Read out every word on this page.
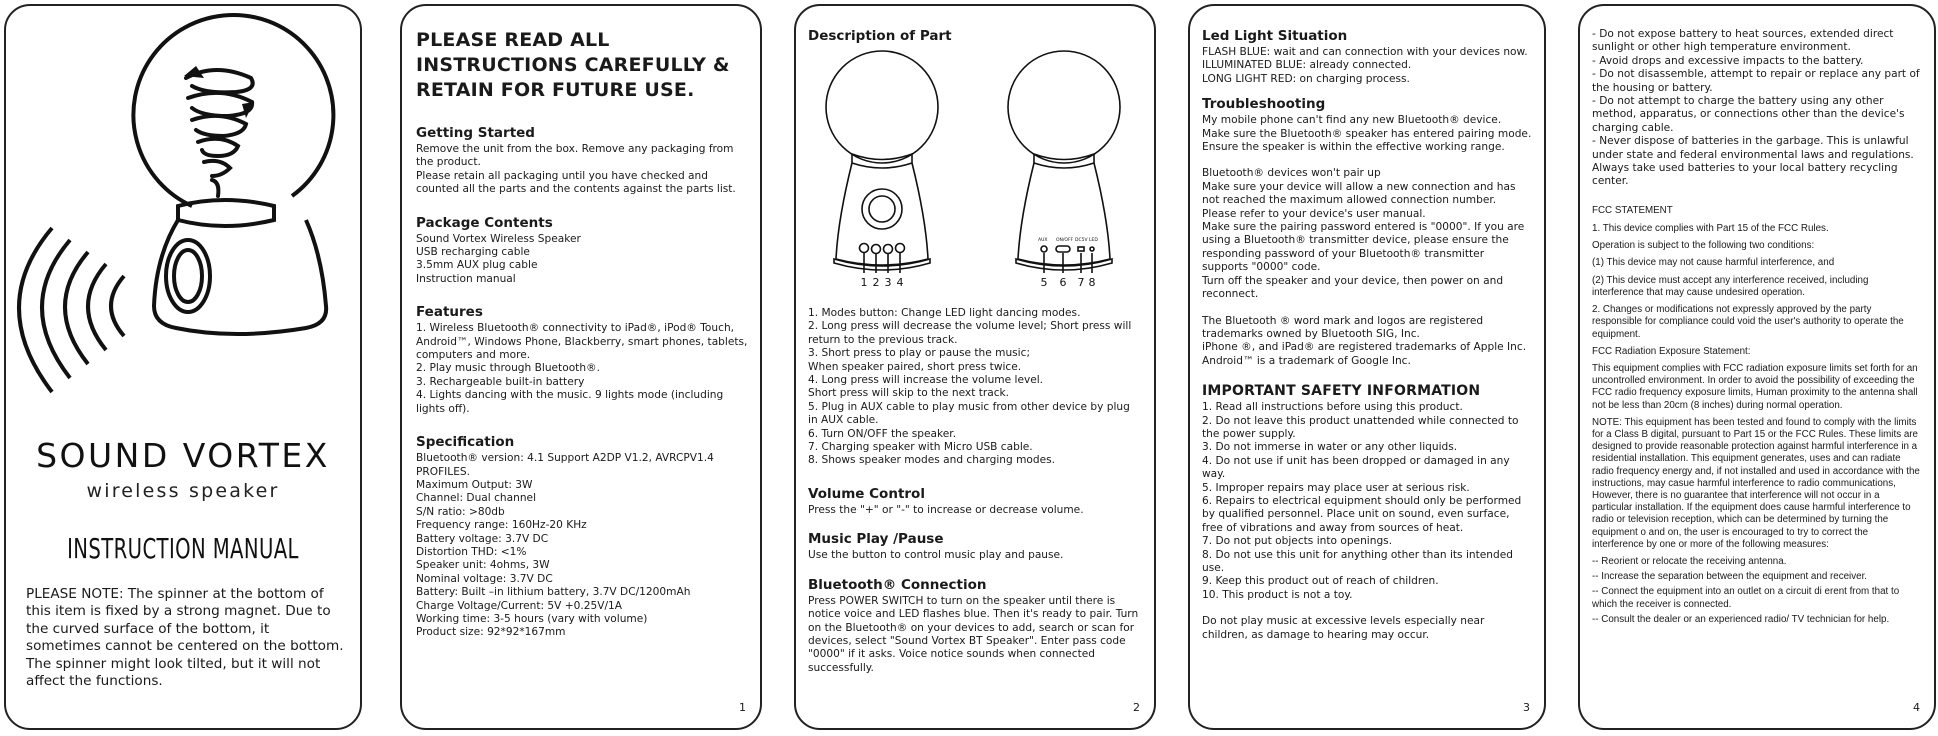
SOUND VORTEX
wireless speaker
INSTRUCTION MANUAL
PLEASE NOTE: The spinner at the bottom of this item is fixed by a strong magnet. Due to the curved surface of the bottom, it sometimes cannot be centered on the bottom. The spinner might look tilted, but it will not affect the functions.
PLEASE READ ALL INSTRUCTIONS CAREFULLY & RETAIN FOR FUTURE USE.
Getting Started
Remove the unit from the box. Remove any packaging from the product.
Please retain all packaging until you have checked and counted all the parts and the contents against the parts list.
Package Contents
Sound Vortex Wireless Speaker
USB recharging cable
3.5mm AUX plug cable
Instruction manual
Features
1. Wireless Bluetooth® connectivity to iPad®, iPod® Touch, Android™, Windows Phone, Blackberry, smart phones, tablets, computers and more.
2. Play music through Bluetooth®.
3. Rechargeable built-in battery
4. Lights dancing with the music. 9 lights mode (including lights off).
Specification
Bluetooth® version: 4.1 Support A2DP V1.2, AVRCPV1.4 PROFILES.
Maximum Output: 3W
Channel: Dual channel
S/N ratio: >80db
Frequency range: 160Hz-20 KHz
Battery voltage: 3.7V DC
Distortion THD: <1%
Speaker unit: 4ohms, 3W
Nominal voltage: 3.7V DC
Battery: Built –in lithium battery, 3.7V DC/1200mAh
Charge Voltage/Current: 5V +0.25V/1A
Working time: 3-5 hours (vary with volume)
Product size: 92*92*167mm
1
Description of Part
AUX ON/OFF DC5V LED
1 2 3 4	5 6 7 8
1. Modes button: Change LED light dancing modes.
2. Long press will decrease the volume level; Short press will return to the previous track.
3. Short press to play or pause the music;
When speaker paired, short press twice.
4. Long press will increase the volume level.
Short press will skip to the next track.
5. Plug in AUX cable to play music from other device by plug in AUX cable.
6. Turn ON/OFF the speaker.
7. Charging speaker with Micro USB cable.
8. Shows speaker modes and charging modes.
Volume Control
Press the "+" or "-" to increase or decrease volume.
Music Play /Pause
Use the button to control music play and pause.
Bluetooth® Connection
Press POWER SWITCH to turn on the speaker until there is notice voice and LED flashes blue. Then it's ready to pair. Turn on the Bluetooth® on your devices to add, search or scan for devices, select "Sound Vortex BT Speaker". Enter pass code "0000" if it asks. Voice notice sounds when connected successfully.
2
Led Light Situation
FLASH BLUE: wait and can connection with your devices now.
ILLUMINATED BLUE: already connected.
LONG LIGHT RED: on charging process.
Troubleshooting
My mobile phone can't find any new Bluetooth® device.
Make sure the Bluetooth® speaker has entered pairing mode.
Ensure the speaker is within the effective working range.
Bluetooth® devices won't pair up
Make sure your device will allow a new connection and has not reached the maximum allowed connection number. Please refer to your device's user manual.
Make sure the pairing password entered is "0000". If you are using a Bluetooth® transmitter device, please ensure the responding password of your Bluetooth® transmitter supports "0000" code.
Turn off the speaker and your device, then power on and reconnect.
The Bluetooth ® word mark and logos are registered trademarks owned by Bluetooth SIG, Inc.
iPhone ®, and iPad® are registered trademarks of Apple Inc.
Android™ is a trademark of Google Inc.
IMPORTANT SAFETY INFORMATION
1. Read all instructions before using this product.
2. Do not leave this product unattended while connected to the power supply.
3. Do not immerse in water or any other liquids.
4. Do not use if unit has been dropped or damaged in any way.
5. Improper repairs may place user at serious risk.
6. Repairs to electrical equipment should only be performed by qualified personnel. Place unit on sound, even surface, free of vibrations and away from sources of heat.
7. Do not put objects into openings.
8. Do not use this unit for anything other than its intended use.
9. Keep this product out of reach of children.
10. This product is not a toy.
Do not play music at excessive levels especially near children, as damage to hearing may occur.
3
- Do not expose battery to heat sources, extended direct sunlight or other high temperature environment.
- Avoid drops and excessive impacts to the battery.
- Do not disassemble, attempt to repair or replace any part of the housing or battery.
- Do not attempt to charge the battery using any other method, apparatus, or connections other than the device's charging cable.
- Never dispose of batteries in the garbage. This is unlawful under state and federal environmental laws and regulations. Always take used batteries to your local battery recycling center.
FCC STATEMENT
1. This device complies with Part 15 of the FCC Rules.
Operation is subject to the following two conditions:
(1) This device may not cause harmful interference, and
(2) This device must accept any interference received, including interference that may cause undesired operation.
2. Changes or modifications not expressly approved by the party responsible for compliance could void the user's authority to operate the equipment.
FCC Radiation Exposure Statement:
This equipment complies with FCC radiation exposure limits set forth for an uncontrolled environment. In order to avoid the possibility of exceeding the FCC radio frequency exposure limits, Human proximity to the antenna shall not be less than 20cm (8 inches) during normal operation.
NOTE: This equipment has been tested and found to comply with the limits for a Class B digital, pursuant to Part 15 or the FCC Rules. These limits are designed to provide reasonable protection against harmful interference in a residential installation. This equipment generates, uses and can radiate radio frequency energy and, if not installed and used in accordance with the instructions, may casue harmful interference to radio communications, However, there is no guarantee that interference will not occur in a particular installation. If the equipment does cause harmful interference to radio or television reception, which can be determined by turning the equipment o and on, the user is encouraged to try to correct the interference by one or more of the following measures:
-- Reorient or relocate the receiving antenna.
-- Increase the separation between the equipment and receiver.
-- Connect the equipment into an outlet on a circuit di erent from that to which the receiver is connected.
-- Consult the dealer or an experienced radio/ TV technician for help.
4
